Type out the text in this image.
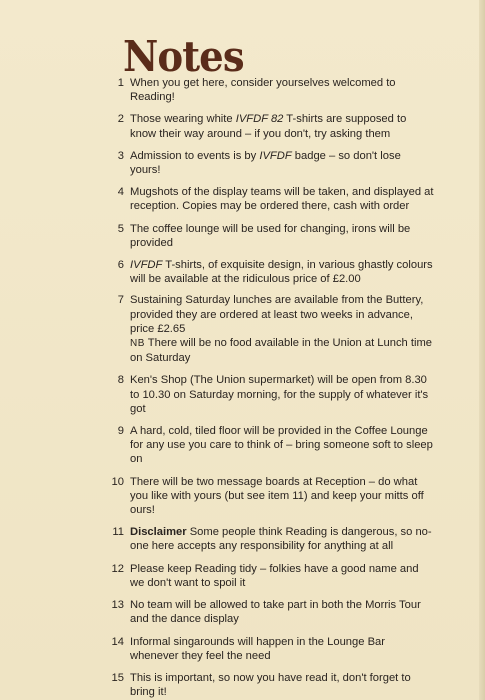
Notes
1 When you get here, consider yourselves welcomed to Reading!

2 Those wearing white IVFDF 82 T-shirts are supposed to know their way around – if you don't, try asking them

3 Admission to events is by IVFDF badge – so don't lose yours!

4 Mugshots of the display teams will be taken, and displayed at reception. Copies may be ordered there, cash with order

5 The coffee lounge will be used for changing, irons will be provided

6 IVFDF T-shirts, of exquisite design, in various ghastly colours will be available at the ridiculous price of £2.00

7 Sustaining Saturday lunches are available from the Buttery, provided they are ordered at least two weeks in advance, price £2.65

NB There will be no food available in the Union at Lunch time on Saturday

8 Ken's Shop (The Union supermarket) will be open from 8.30 to 10.30 on Saturday morning, for the supply of whatever it's got

9 A hard, cold, tiled floor will be provided in the Coffee Lounge for any use you care to think of – bring someone soft to sleep on

10 There will be two message boards at Reception – do what you like with yours (but see item 11) and keep your mitts off ours!

11 Disclaimer Some people think Reading is dangerous, so no-one here accepts any responsibility for anything at all

12 Please keep Reading tidy – folkies have a good name and we don't want to spoil it

13 No team will be allowed to take part in both the Morris Tour and the dance display

14 Informal singarounds will happen in the Lounge Bar whenever they feel the need

15 This is important, so now you have read it, don't forget to bring it!
